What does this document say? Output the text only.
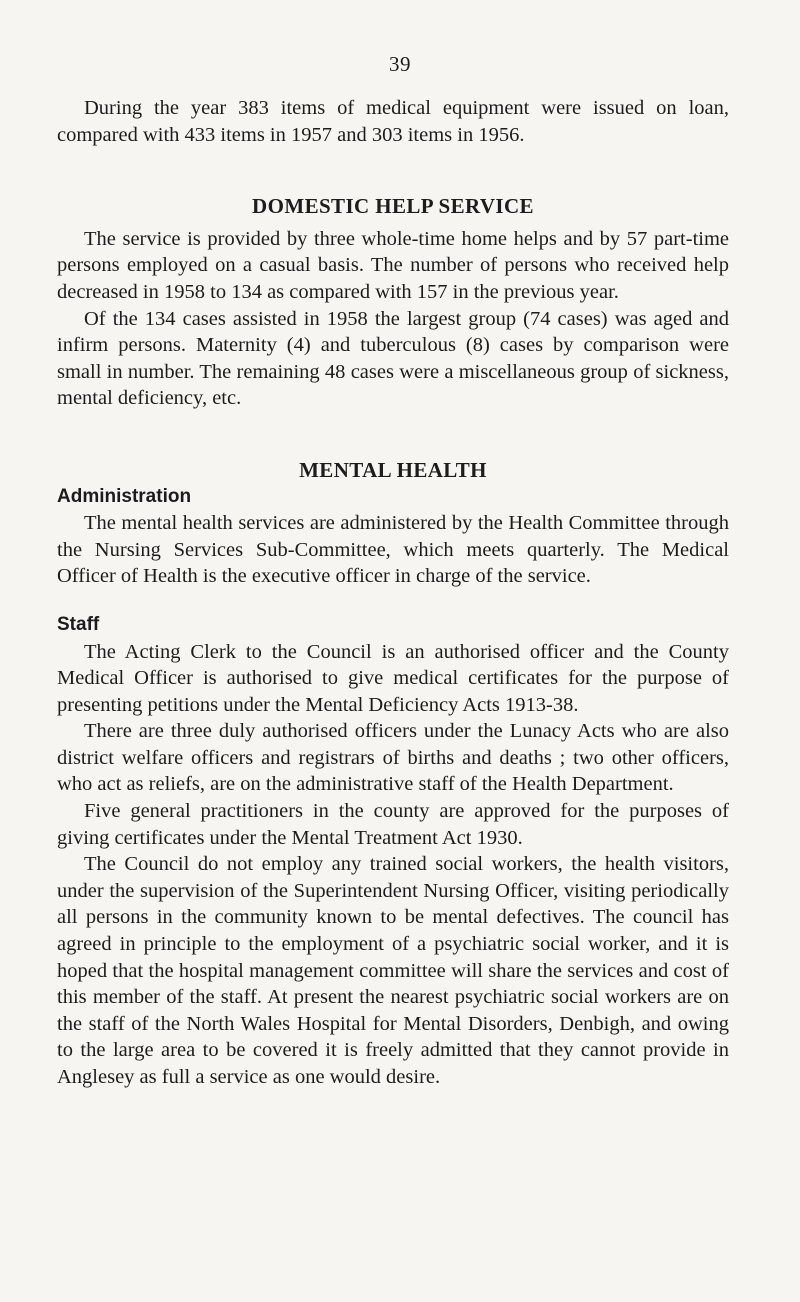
39

During the year 383 items of medical equipment were issued on loan, compared with 433 items in 1957 and 303 items in 1956.

DOMESTIC HELP SERVICE

The service is provided by three whole-time home helps and by 57 part-time persons employed on a casual basis. The number of persons who received help decreased in 1958 to 134 as compared with 157 in the previous year.

Of the 134 cases assisted in 1958 the largest group (74 cases) was aged and infirm persons. Maternity (4) and tuberculous (8) cases by comparison were small in number. The remaining 48 cases were a miscellaneous group of sickness, mental deficiency, etc.

MENTAL HEALTH
Administration

The mental health services are administered by the Health Committee through the Nursing Services Sub-Committee, which meets quarterly. The Medical Officer of Health is the executive officer in charge of the service.

Staff

The Acting Clerk to the Council is an authorised officer and the County Medical Officer is authorised to give medical certificates for the purpose of presenting petitions under the Mental Deficiency Acts 1913-38.

There are three duly authorised officers under the Lunacy Acts who are also district welfare officers and registrars of births and deaths ; two other officers, who act as reliefs, are on the administrative staff of the Health Department.

Five general practitioners in the county are approved for the purposes of giving certificates under the Mental Treatment Act 1930.

The Council do not employ any trained social workers, the health visitors, under the supervision of the Superintendent Nursing Officer, visiting periodically all persons in the community known to be mental defectives. The council has agreed in principle to the employment of a psychiatric social worker, and it is hoped that the hospital management committee will share the services and cost of this member of the staff. At present the nearest psychiatric social workers are on the staff of the North Wales Hospital for Mental Disorders, Denbigh, and owing to the large area to be covered it is freely admitted that they cannot provide in Anglesey as full a service as one would desire.
